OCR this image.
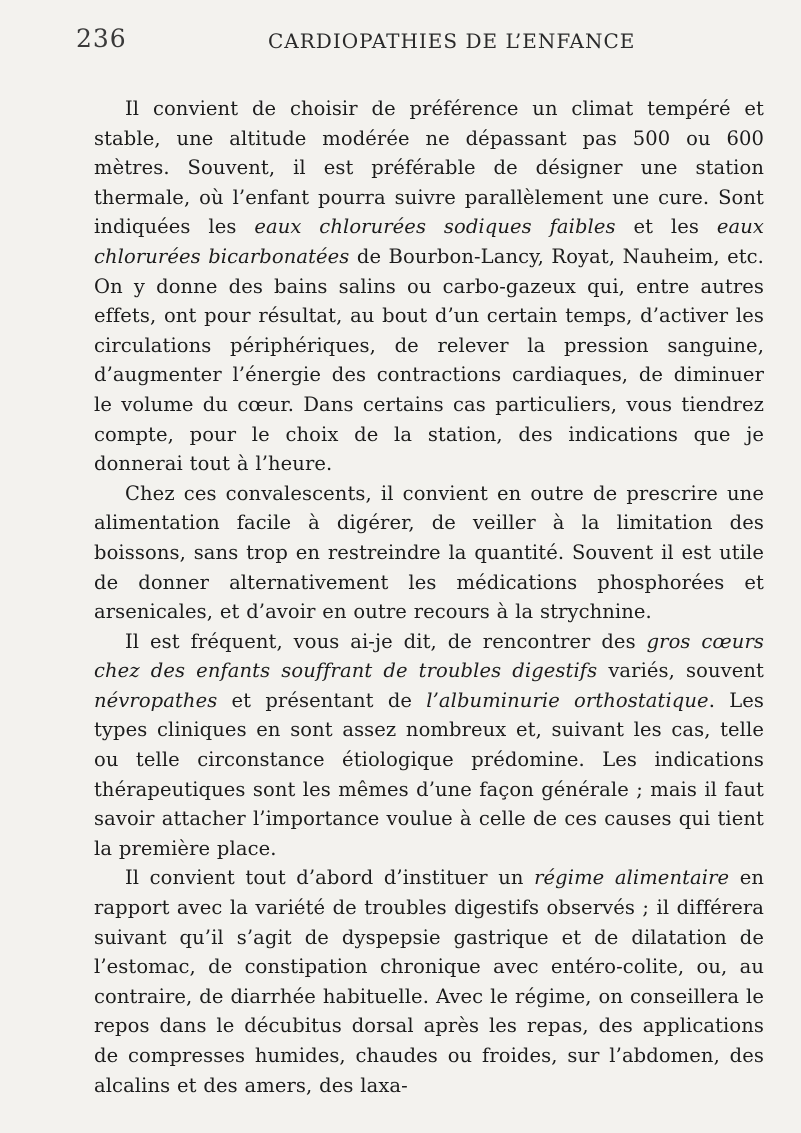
236	CARDIOPATHIES DE L’ENFANCE

Il convient de choisir de préférence un climat tempéré et stable, une altitude modérée ne dépassant pas 500 ou 600 mètres. Souvent, il est préférable de désigner une station thermale, où l’enfant pourra suivre parallèlement une cure. Sont indiquées les eaux chlorurées sodiques faibles et les eaux chlorurées bicarbonatées de Bourbon-Lancy, Royat, Nauheim, etc. On y donne des bains salins ou carbo-gazeux qui, entre autres effets, ont pour résultat, au bout d’un certain temps, d’activer les circulations périphériques, de relever la pression sanguine, d’augmenter l’énergie des contractions cardiaques, de diminuer le volume du cœur. Dans certains cas particuliers, vous tiendrez compte, pour le choix de la station, des indications que je donnerai tout à l’heure.

Chez ces convalescents, il convient en outre de prescrire une alimentation facile à digérer, de veiller à la limitation des boissons, sans trop en restreindre la quantité. Souvent il est utile de donner alternativement les médications phosphorées et arsenicales, et d’avoir en outre recours à la strychnine.

Il est fréquent, vous ai-je dit, de rencontrer des gros cœurs chez des enfants souffrant de troubles digestifs variés, souvent névropathes et présentant de l’albuminurie orthostatique. Les types cliniques en sont assez nombreux et, suivant les cas, telle ou telle circonstance étiologique prédomine. Les indications thérapeutiques sont les mêmes d’une façon générale ; mais il faut savoir attacher l’importance voulue à celle de ces causes qui tient la première place.

Il convient tout d’abord d’instituer un régime alimentaire en rapport avec la variété de troubles digestifs observés ; il différera suivant qu’il s’agit de dyspepsie gastrique et de dilatation de l’estomac, de constipation chronique avec entéro-colite, ou, au contraire, de diarrhée habituelle. Avec le régime, on conseillera le repos dans le décubitus dorsal après les repas, des applications de compresses humides, chaudes ou froides, sur l’abdomen, des alcalins et des amers, des laxa-
